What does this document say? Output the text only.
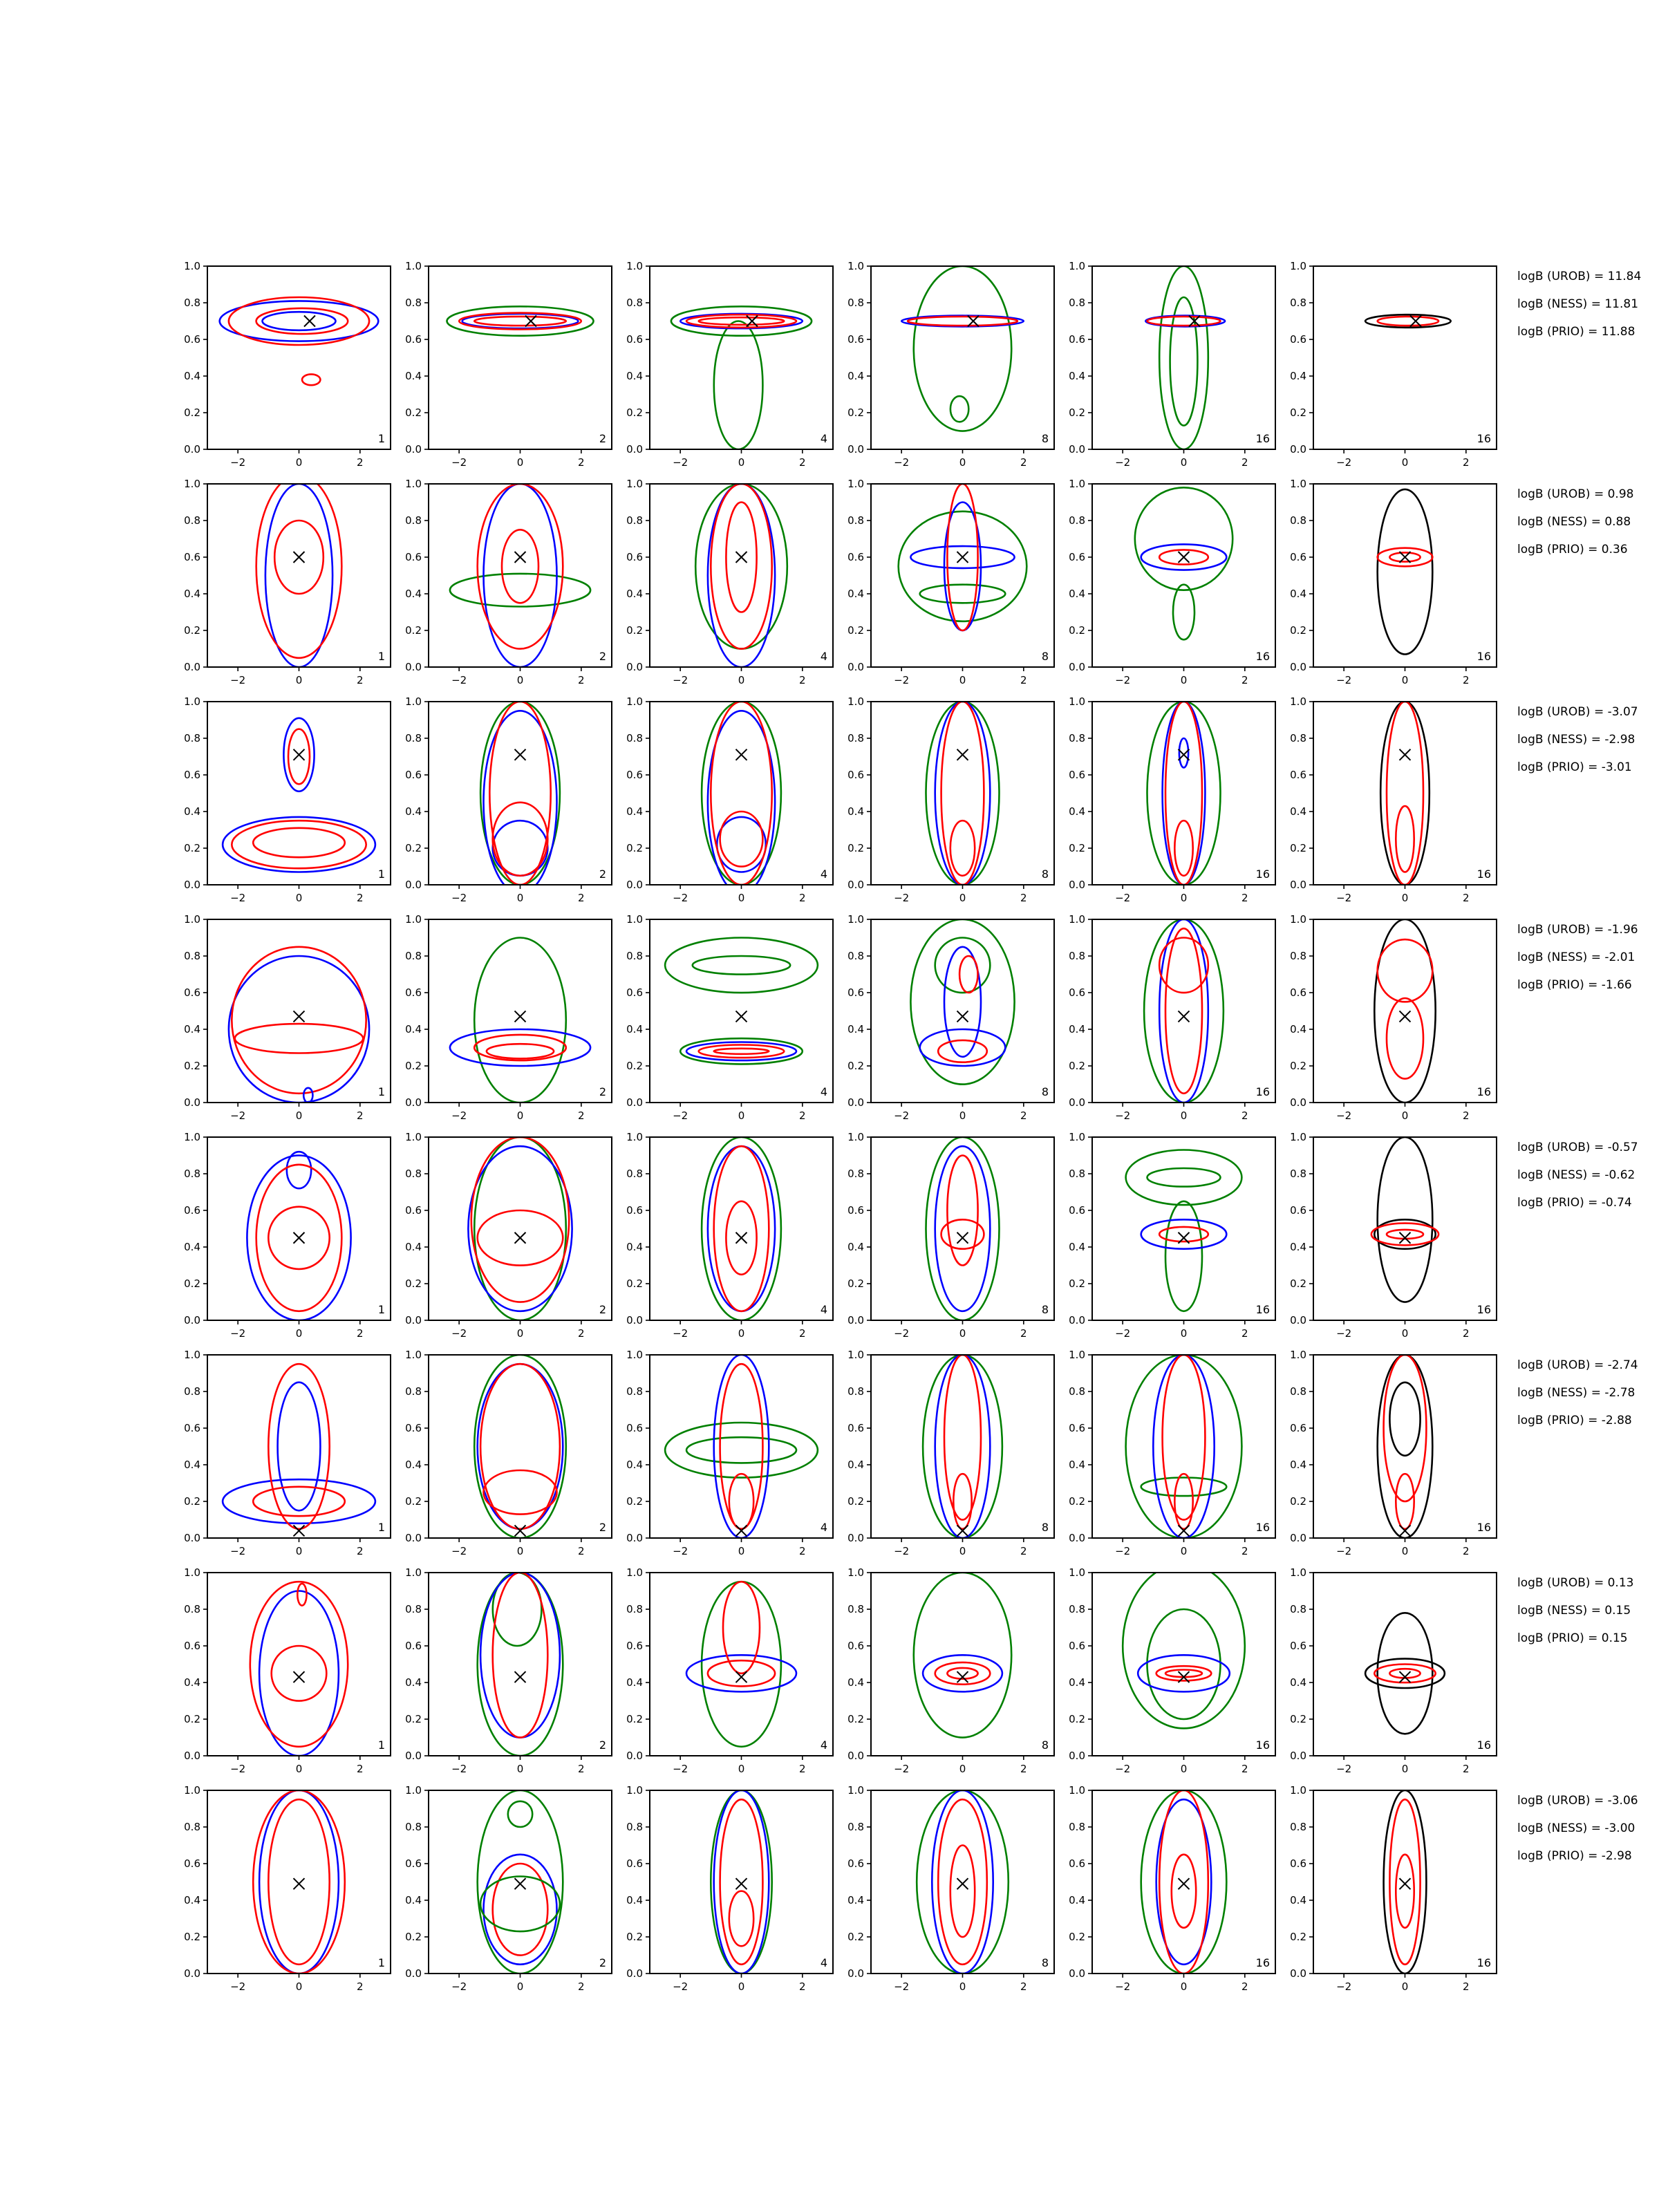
−2	0	2
0.0
0.2
0.4
0.6
0.8
1.0
1
−2	0	2
0.0
0.2
0.4
0.6
0.8
1.0
2
−2	0	2
0.0
0.2
0.4
0.6
0.8
1.0
4
−2	0	2
0.0
0.2
0.4
0.6
0.8
1.0
8
−2	0	2
0.0
0.2
0.4
0.6
0.8
1.0
16
−2	0	2
0.0
0.2
0.4
0.6
0.8
1.0
16
logB (UROB) = 11.84
logB (NESS) = 11.81
logB (PRIO) = 11.88
−2	0	2
0.0
0.2
0.4
0.6
0.8
1.0
1
−2	0	2
0.0
0.2
0.4
0.6
0.8
1.0
2
−2	0	2
0.0
0.2
0.4
0.6
0.8
1.0
4
−2	0	2
0.0
0.2
0.4
0.6
0.8
1.0
8
−2	0	2
0.0
0.2
0.4
0.6
0.8
1.0
16
−2	0	2
0.0
0.2
0.4
0.6
0.8
1.0
16
logB (UROB) = 0.98
logB (NESS) = 0.88
logB (PRIO) = 0.36
−2	0	2
0.0
0.2
0.4
0.6
0.8
1.0
1
−2	0	2
0.0
0.2
0.4
0.6
0.8
1.0
2
−2	0	2
0.0
0.2
0.4
0.6
0.8
1.0
4
−2	0	2
0.0
0.2
0.4
0.6
0.8
1.0
8
−2	0	2
0.0
0.2
0.4
0.6
0.8
1.0
16
−2	0	2
0.0
0.2
0.4
0.6
0.8
1.0
16
logB (UROB) = -3.07
logB (NESS) = -2.98
logB (PRIO) = -3.01
−2	0	2
0.0
0.2
0.4
0.6
0.8
1.0
1
−2	0	2
0.0
0.2
0.4
0.6
0.8
1.0
2
−2	0	2
0.0
0.2
0.4
0.6
0.8
1.0
4
−2	0	2
0.0
0.2
0.4
0.6
0.8
1.0
8
−2	0	2
0.0
0.2
0.4
0.6
0.8
1.0
16
−2	0	2
0.0
0.2
0.4
0.6
0.8
1.0
16
logB (UROB) = -1.96
logB (NESS) = -2.01
logB (PRIO) = -1.66
−2	0	2
0.0
0.2
0.4
0.6
0.8
1.0
1
−2	0	2
0.0
0.2
0.4
0.6
0.8
1.0
2
−2	0	2
0.0
0.2
0.4
0.6
0.8
1.0
4
−2	0	2
0.0
0.2
0.4
0.6
0.8
1.0
8
−2	0	2
0.0
0.2
0.4
0.6
0.8
1.0
16
−2	0	2
0.0
0.2
0.4
0.6
0.8
1.0
16
logB (UROB) = -0.57
logB (NESS) = -0.62
logB (PRIO) = -0.74
−2	0	2
0.0
0.2
0.4
0.6
0.8
1.0
1
−2	0	2
0.0
0.2
0.4
0.6
0.8
1.0
2
−2	0	2
0.0
0.2
0.4
0.6
0.8
1.0
4
−2	0	2
0.0
0.2
0.4
0.6
0.8
1.0
8
−2	0	2
0.0
0.2
0.4
0.6
0.8
1.0
16
−2	0	2
0.0
0.2
0.4
0.6
0.8
1.0
16
logB (UROB) = -2.74
logB (NESS) = -2.78
logB (PRIO) = -2.88
−2	0	2
0.0
0.2
0.4
0.6
0.8
1.0
1
−2	0	2
0.0
0.2
0.4
0.6
0.8
1.0
2
−2	0	2
0.0
0.2
0.4
0.6
0.8
1.0
4
−2	0	2
0.0
0.2
0.4
0.6
0.8
1.0
8
−2	0	2
0.0
0.2
0.4
0.6
0.8
1.0
16
−2	0	2
0.0
0.2
0.4
0.6
0.8
1.0
16
logB (UROB) = 0.13
logB (NESS) = 0.15
logB (PRIO) = 0.15
−2	0	2
0.0
0.2
0.4
0.6
0.8
1.0
1
−2	0	2
0.0
0.2
0.4
0.6
0.8
1.0
2
−2	0	2
0.0
0.2
0.4
0.6
0.8
1.0
4
−2	0	2
0.0
0.2
0.4
0.6
0.8
1.0
8
−2	0	2
0.0
0.2
0.4
0.6
0.8
1.0
16
−2	0	2
0.0
0.2
0.4
0.6
0.8
1.0
16
logB (UROB) = -3.06
logB (NESS) = -3.00
logB (PRIO) = -2.98
